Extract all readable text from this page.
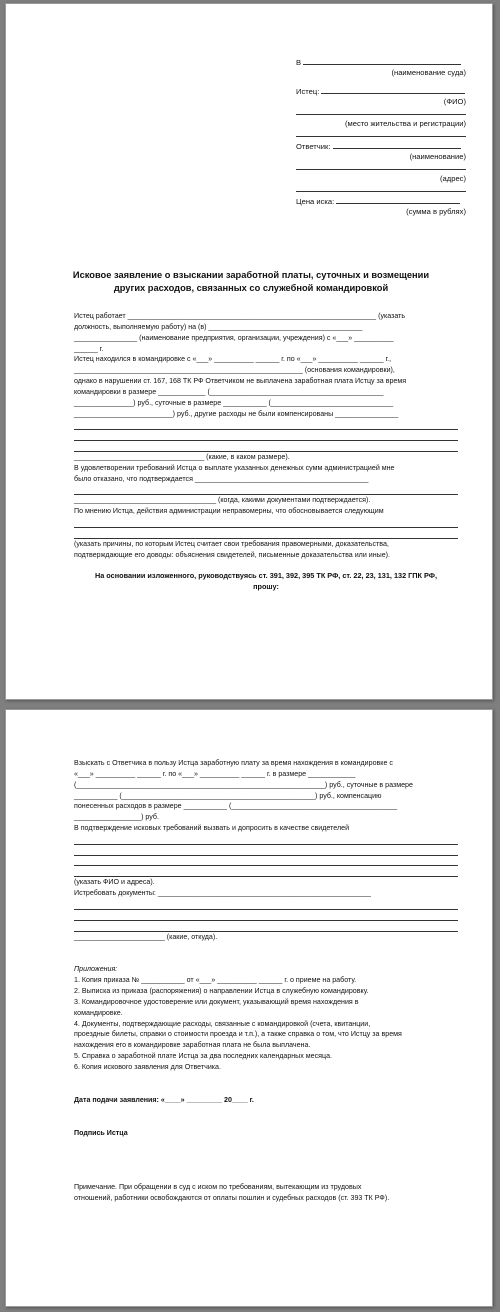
В
(наименование суда)
Истец:
(ФИО)
(место жительства и регистрации)
Ответчик:
(наименование)
(адрес)
Цена иска:
(сумма в рублях)
Исковое заявление о взыскании заработной платы, суточных и возмещении других расходов, связанных со служебной командировкой
Истец работает _______________________________________________________________ (указать
должность, выполняемую работу) на (в) _______________________________________
________________ (наименование предприятия, организации, учреждения) с «___» __________
______ г.
Истец находился в командировке с «___» __________ ______ г. по «___» __________ ______ г.,
__________________________________________________________ (основания командировки),
однако в нарушении ст. 167, 168 ТК РФ Ответчиком не выплачена заработная плата Истцу за время
командировки в размере ____________ (____________________________________________
_______________) руб., суточные в размере ___________ (_______________________________
_________________________) руб., другие расходы не были компенсированы ________________
_________________________________ (какие, в каком размере).
В удовлетворении требований Истца о выплате указанных денежных сумм администрацией мне
было отказано, что подтверждается ____________________________________________
____________________________________ (когда, какими документами подтверждается).
По мнению Истца, действия администрации неправомерны, что обосновывается следующим
(указать причины, по которым Истец считает свои требования правомерными, доказательства,
подтверждающие его доводы: объяснения свидетелей, письменные доказательства или иные).
На основании изложенного, руководствуясь ст. 391, 392, 395 ТК РФ, ст. 22, 23, 131, 132 ГПК РФ,
прошу:
Взыскать с Ответчика в пользу Истца заработную плату за время нахождения в командировке с
«___» __________ ______ г. по «___» __________ ______ г. в размере ____________
(_______________________________________________________________) руб., суточные в размере
___________ (_________________________________________________) руб., компенсацию
понесенных расходов в размере ___________ (__________________________________________
_________________) руб.
В подтверждение исковых требований вызвать и допросить в качестве свидетелей
(указать ФИО и адреса).
Истребовать документы: ______________________________________________________
_______________________ (какие, откуда).
Приложения:
1. Копия приказа № ___________ от «___» __________ ______ г. о приеме на работу.
2. Выписка из приказа (распоряжения) о направлении Истца в служебную командировку.
3. Командировочное удостоверение или документ, указывающий время нахождения в
командировке.
4. Документы, подтверждающие расходы, связанные с командировкой (счета, квитанции,
проездные билеты, справки о стоимости проезда и т.п.), а также справка о том, что Истцу за время
нахождения его в командировке заработная плата не была выплачена.
5. Справка о заработной плате Истца за два последних календарных месяца.
6. Копия искового заявления для Ответчика.
Дата подачи заявления: «____» _________ 20____ г.
Подпись Истца
Примечание. При обращении в суд с иском по требованиям, вытекающим из трудовых
отношений, работники освобождаются от оплаты пошлин и судебных расходов (ст. 393 ТК РФ).
